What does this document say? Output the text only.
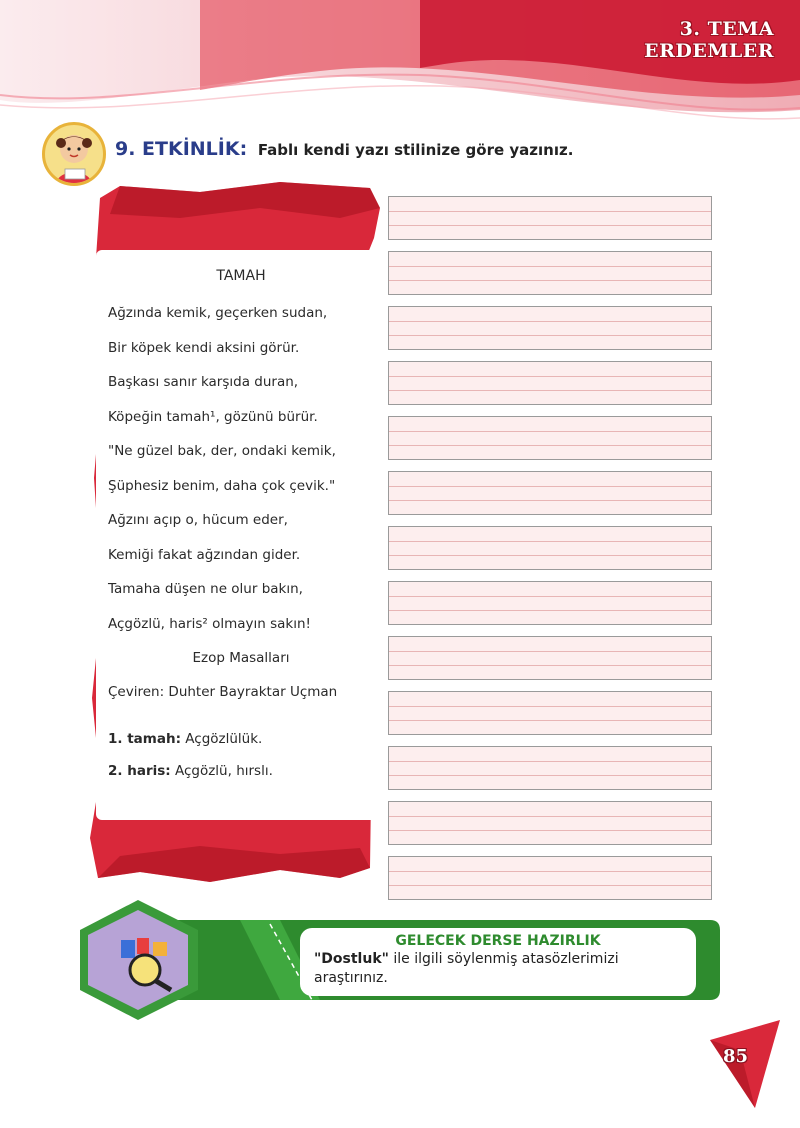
3. TEMA
ERDEMLER
9. ETKİNLİK: Fablı kendi yazı stilinize göre yazınız.
TAMAH
Ağzında kemik, geçerken sudan,
Bir köpek kendi aksini görür.
Başkası sanır karşıda duran,
Köpeğin tamah¹, gözünü bürür.
"Ne güzel bak, der, ondaki kemik,
Şüphesiz benim, daha çok çevik."
Ağzını açıp o, hücum eder,
Kemiği fakat ağzından gider.
Tamaha düşen ne olur bakın,
Açgözlü, haris² olmayın sakın!
Ezop Masalları
Çeviren: Duhter Bayraktar Uçman
1. tamah: Açgözlülük.
2. haris: Açgözlü, hırslı.
GELECEK DERSE HAZIRLIK
"Dostluk" ile ilgili söylenmiş atasözlerimizi araştırınız.
85
